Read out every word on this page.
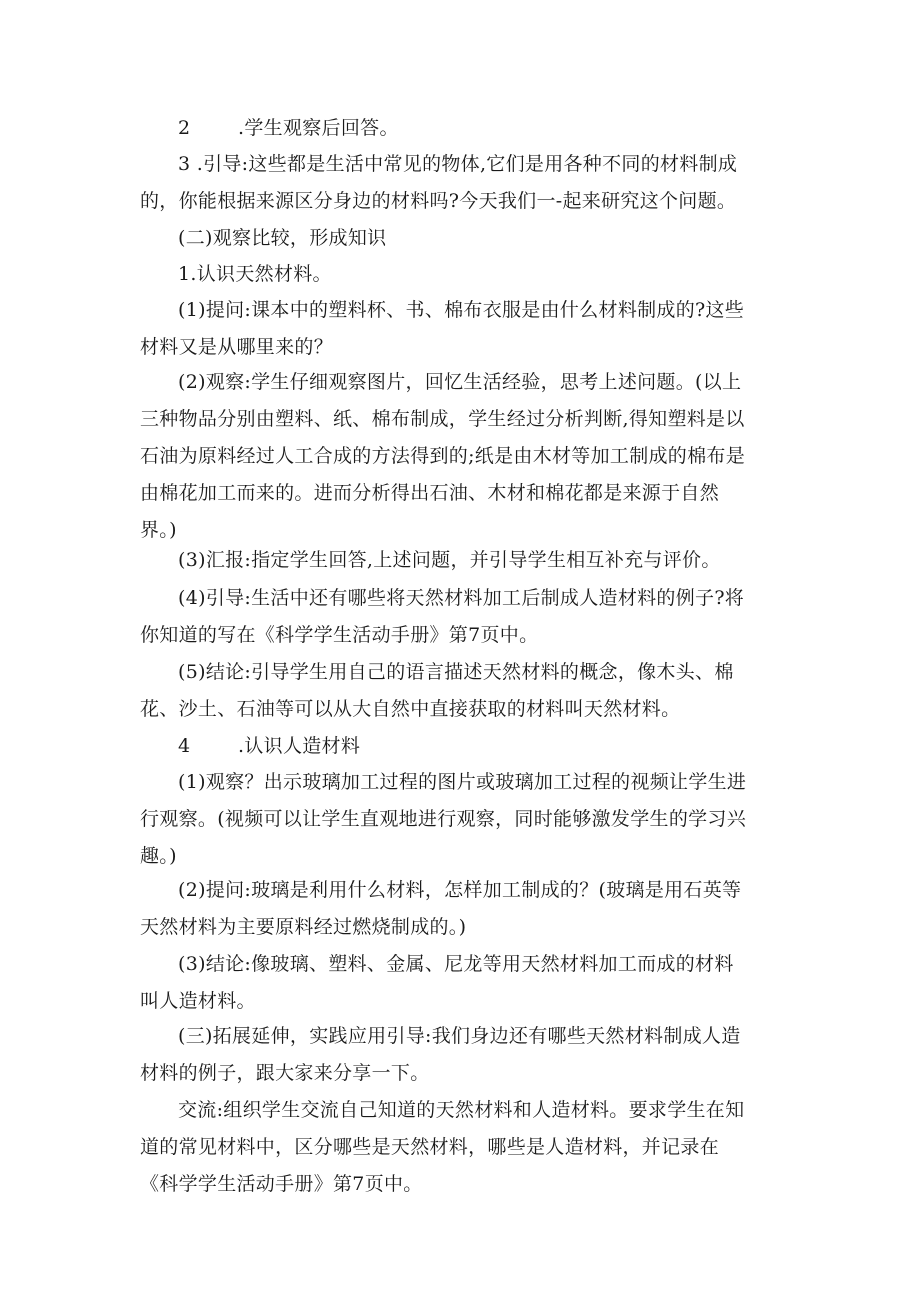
2	.学生观察后回答。
3 .引导:这些都是生活中常见的物体,它们是用各种不同的材料制成
的，你能根据来源区分身边的材料吗?今天我们一-起来研究这个问题。
(二)观察比较，形成知识
1.认识天然材料。
(1)提问:课本中的塑料杯、书、棉布衣服是由什么材料制成的?这些
材料又是从哪里来的？
(2)观察:学生仔细观察图片，回忆生活经验，思考上述问题。(以上
三种物品分别由塑料、纸、棉布制成，学生经过分析判断,得知塑料是以
石油为原料经过人工合成的方法得到的;纸是由木材等加工制成的棉布是
由棉花加工而来的。进而分析得出石油、木材和棉花都是来源于自然
界。)
(3)汇报:指定学生回答,上述问题，并引导学生相互补充与评价。
(4)引导:生活中还有哪些将天然材料加工后制成人造材料的例子?将
你知道的写在《科学学生活动手册》第7页中。
(5)结论:引导学生用自己的语言描述天然材料的概念，像木头、棉
花、沙土、石油等可以从大自然中直接获取的材料叫天然材料。
4	.认识人造材料
(1)观察？出示玻璃加工过程的图片或玻璃加工过程的视频让学生进
行观察。(视频可以让学生直观地进行观察，同时能够激发学生的学习兴
趣。)
(2)提问:玻璃是利用什么材料，怎样加工制成的？(玻璃是用石英等
天然材料为主要原料经过燃烧制成的。)
(3)结论:像玻璃、塑料、金属、尼龙等用天然材料加工而成的材料
叫人造材料。
(三)拓展延伸，实践应用引导:我们身边还有哪些天然材料制成人造
材料的例子，跟大家来分享一下。
交流:组织学生交流自己知道的天然材料和人造材料。要求学生在知
道的常见材料中，区分哪些是天然材料，哪些是人造材料，并记录在
《科学学生活动手册》第7页中。
